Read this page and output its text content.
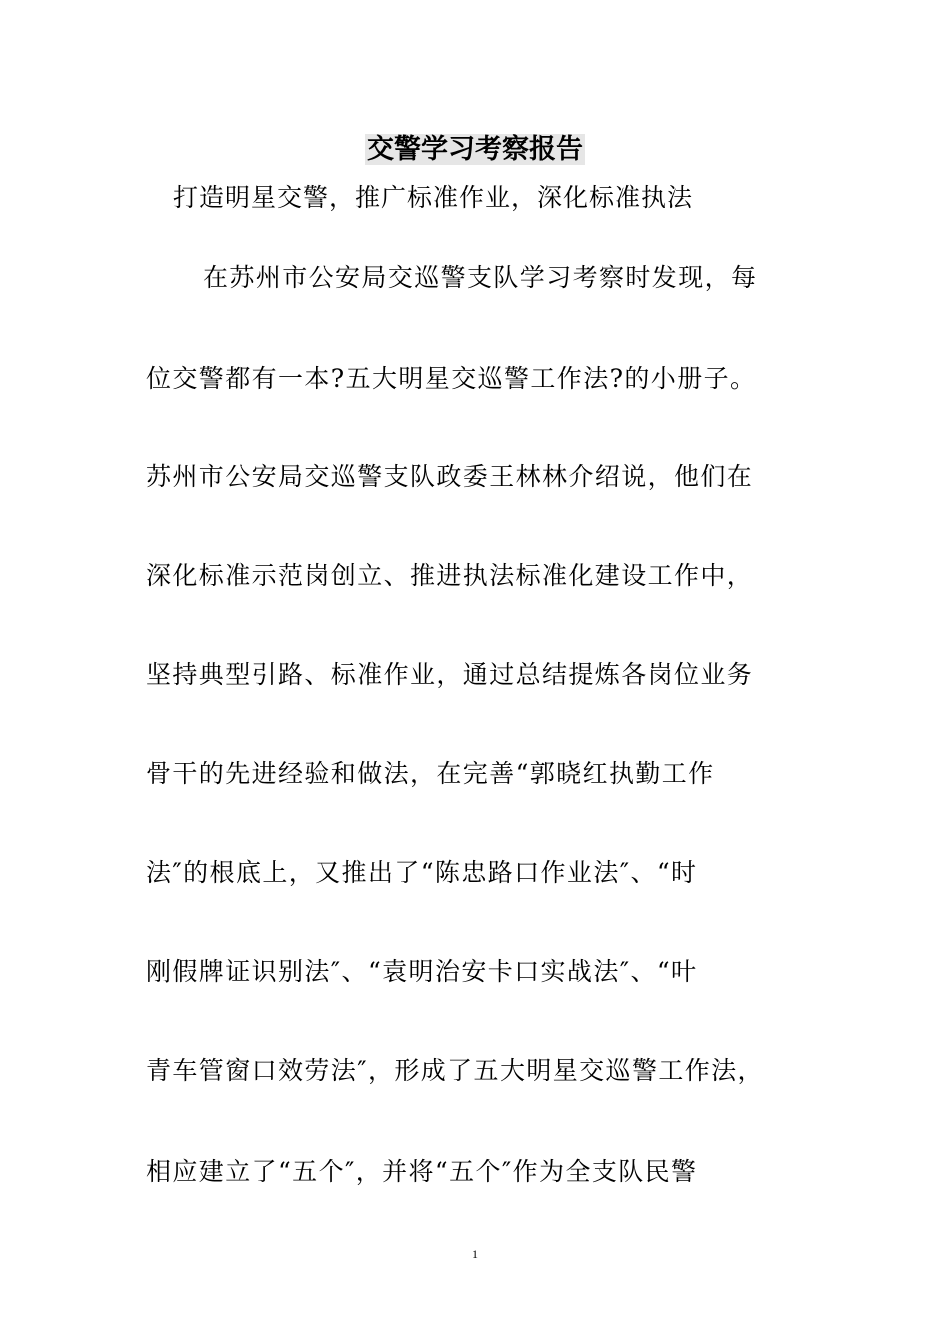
交警学习考察报告
打造明星交警，推广标准作业，深化标准执法
在苏州市公安局交巡警支队学习考察时发现，每
位交警都有一本?五大明星交巡警工作法?的小册子。
苏州市公安局交巡警支队政委王林林介绍说，他们在
深化标准示范岗创立、推进执法标准化建设工作中，
坚持典型引路、标准作业，通过总结提炼各岗位业务
骨干的先进经验和做法，在完善“郭晓红执勤工作
法″的根底上，又推出了“陈忠路口作业法″、“时
刚假牌证识别法″、“袁明治安卡口实战法″、“叶
青车管窗口效劳法″，形成了五大明星交巡警工作法，
相应建立了“五个″，并将“五个″作为全支队民警
1
